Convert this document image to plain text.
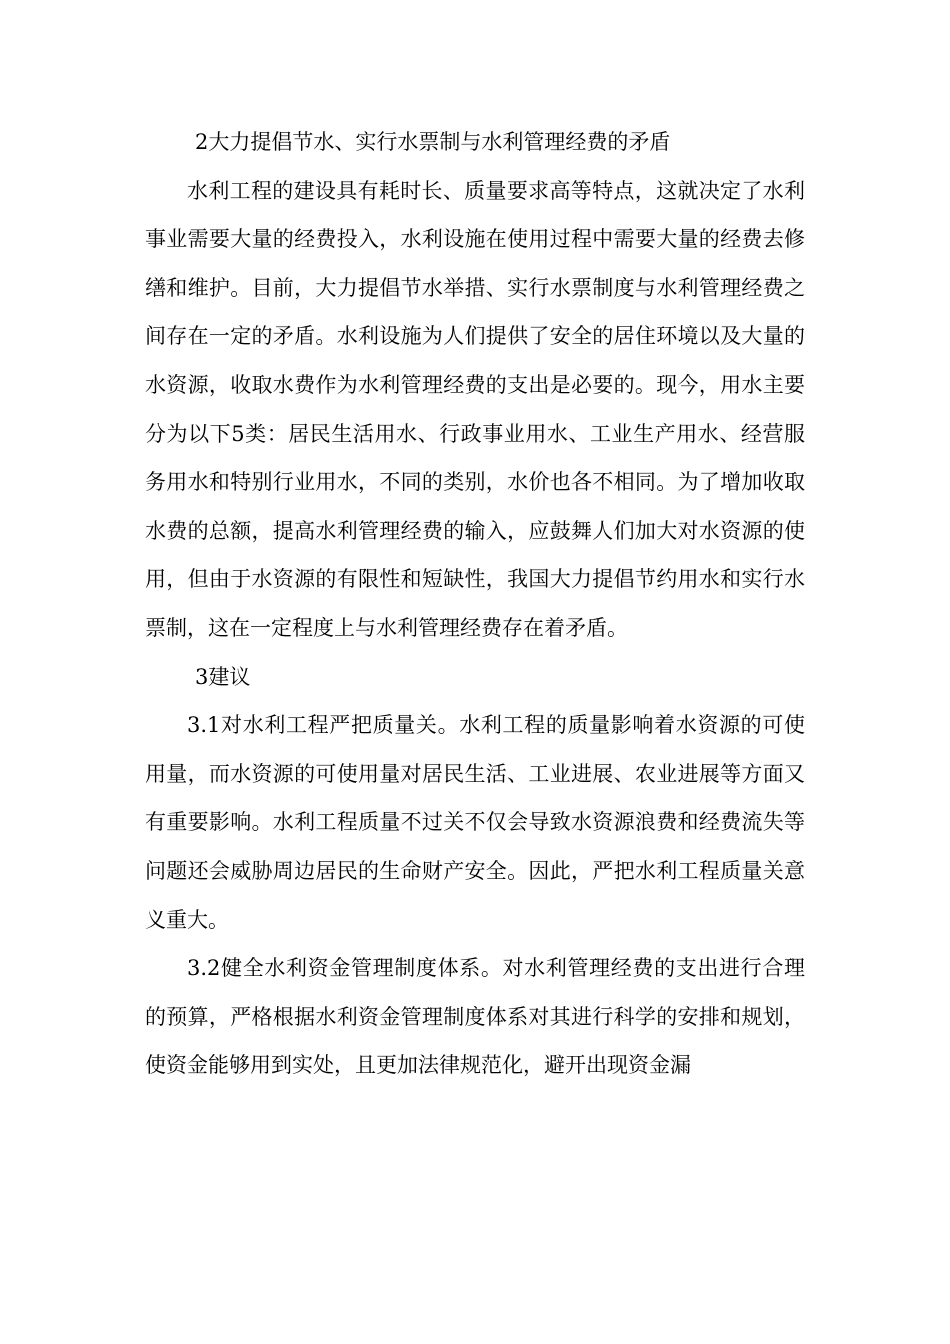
2大力提倡节水、实行水票制与水利管理经费的矛盾

水利工程的建设具有耗时长、质量要求高等特点，这就决定了水利事业需要大量的经费投入，水利设施在使用过程中需要大量的经费去修缮和维护。目前，大力提倡节水举措、实行水票制度与水利管理经费之间存在一定的矛盾。水利设施为人们提供了安全的居住环境以及大量的水资源，收取水费作为水利管理经费的支出是必要的。现今，用水主要分为以下5类：居民生活用水、行政事业用水、工业生产用水、经营服务用水和特别行业用水，不同的类别，水价也各不相同。为了增加收取水费的总额，提高水利管理经费的输入，应鼓舞人们加大对水资源的使用，但由于水资源的有限性和短缺性，我国大力提倡节约用水和实行水票制，这在一定程度上与水利管理经费存在着矛盾。

3建议

3.1对水利工程严把质量关。水利工程的质量影响着水资源的可使用量，而水资源的可使用量对居民生活、工业进展、农业进展等方面又有重要影响。水利工程质量不过关不仅会导致水资源浪费和经费流失等问题还会威胁周边居民的生命财产安全。因此，严把水利工程质量关意义重大。

3.2健全水利资金管理制度体系。对水利管理经费的支出进行合理的预算，严格根据水利资金管理制度体系对其进行科学的安排和规划，使资金能够用到实处，且更加法律规范化，避开出现资金漏
